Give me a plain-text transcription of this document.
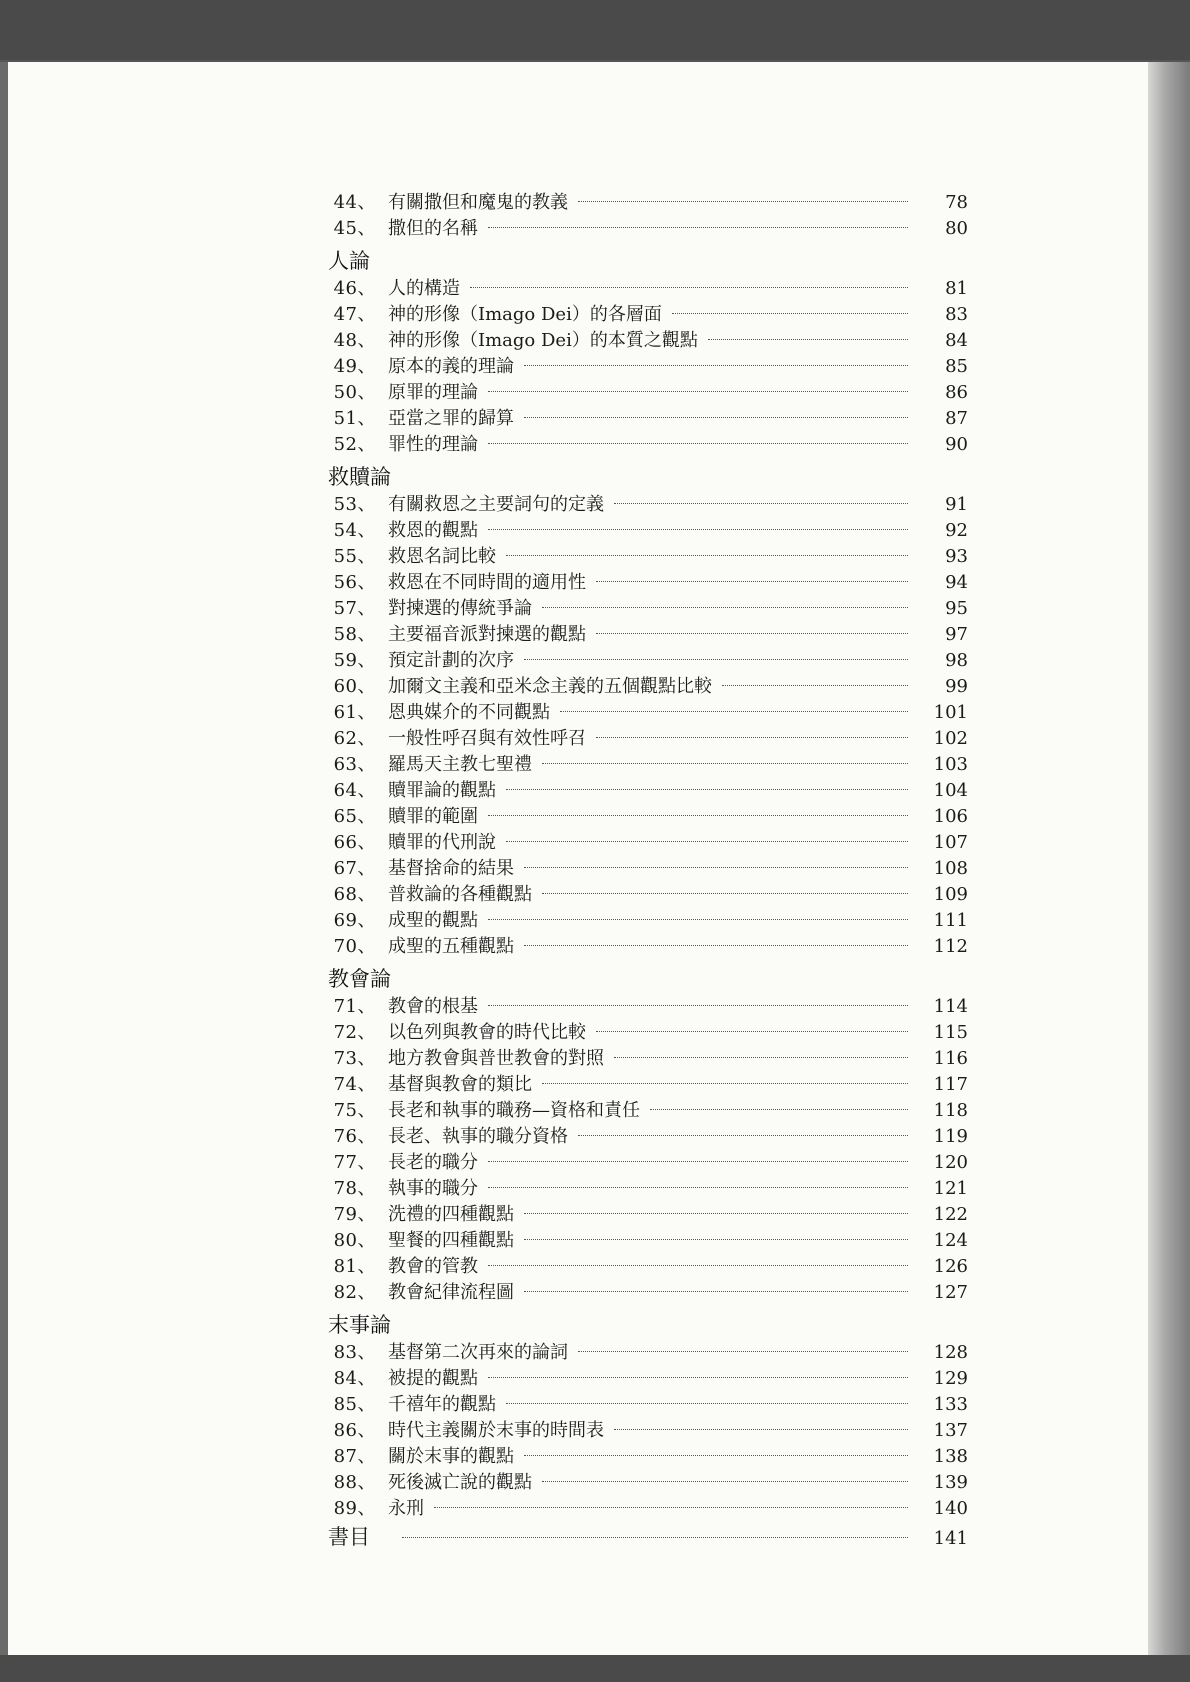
44、 有關撒但和魔鬼的教義	78
45、 撒但的名稱	80
人論
46、 人的構造	81
47、 神的形像（Imago Dei）的各層面	83
48、 神的形像（Imago Dei）的本質之觀點	84
49、 原本的義的理論	85
50、 原罪的理論	86
51、 亞當之罪的歸算	87
52、 罪性的理論	90
救贖論
53、 有關救恩之主要詞句的定義	91
54、 救恩的觀點	92
55、 救恩名詞比較	93
56、 救恩在不同時間的適用性	94
57、 對揀選的傳統爭論	95
58、 主要福音派對揀選的觀點	97
59、 預定計劃的次序	98
60、 加爾文主義和亞米念主義的五個觀點比較	99
61、 恩典媒介的不同觀點	101
62、 一般性呼召與有效性呼召	102
63、 羅馬天主教七聖禮	103
64、 贖罪論的觀點	104
65、 贖罪的範圍	106
66、 贖罪的代刑說	107
67、 基督捨命的結果	108
68、 普救論的各種觀點	109
69、 成聖的觀點	111
70、 成聖的五種觀點	112
教會論
71、 教會的根基	114
72、 以色列與教會的時代比較	115
73、 地方教會與普世教會的對照	116
74、 基督與教會的類比	117
75、 長老和執事的職務—資格和責任	118
76、 長老、執事的職分資格	119
77、 長老的職分	120
78、 執事的職分	121
79、 洗禮的四種觀點	122
80、 聖餐的四種觀點	124
81、 教會的管教	126
82、 教會紀律流程圖	127
末事論
83、 基督第二次再來的論詞	128
84、 被提的觀點	129
85、 千禧年的觀點	133
86、 時代主義關於末事的時間表	137
87、 關於末事的觀點	138
88、 死後滅亡說的觀點	139
89、 永刑	140
書目	141
